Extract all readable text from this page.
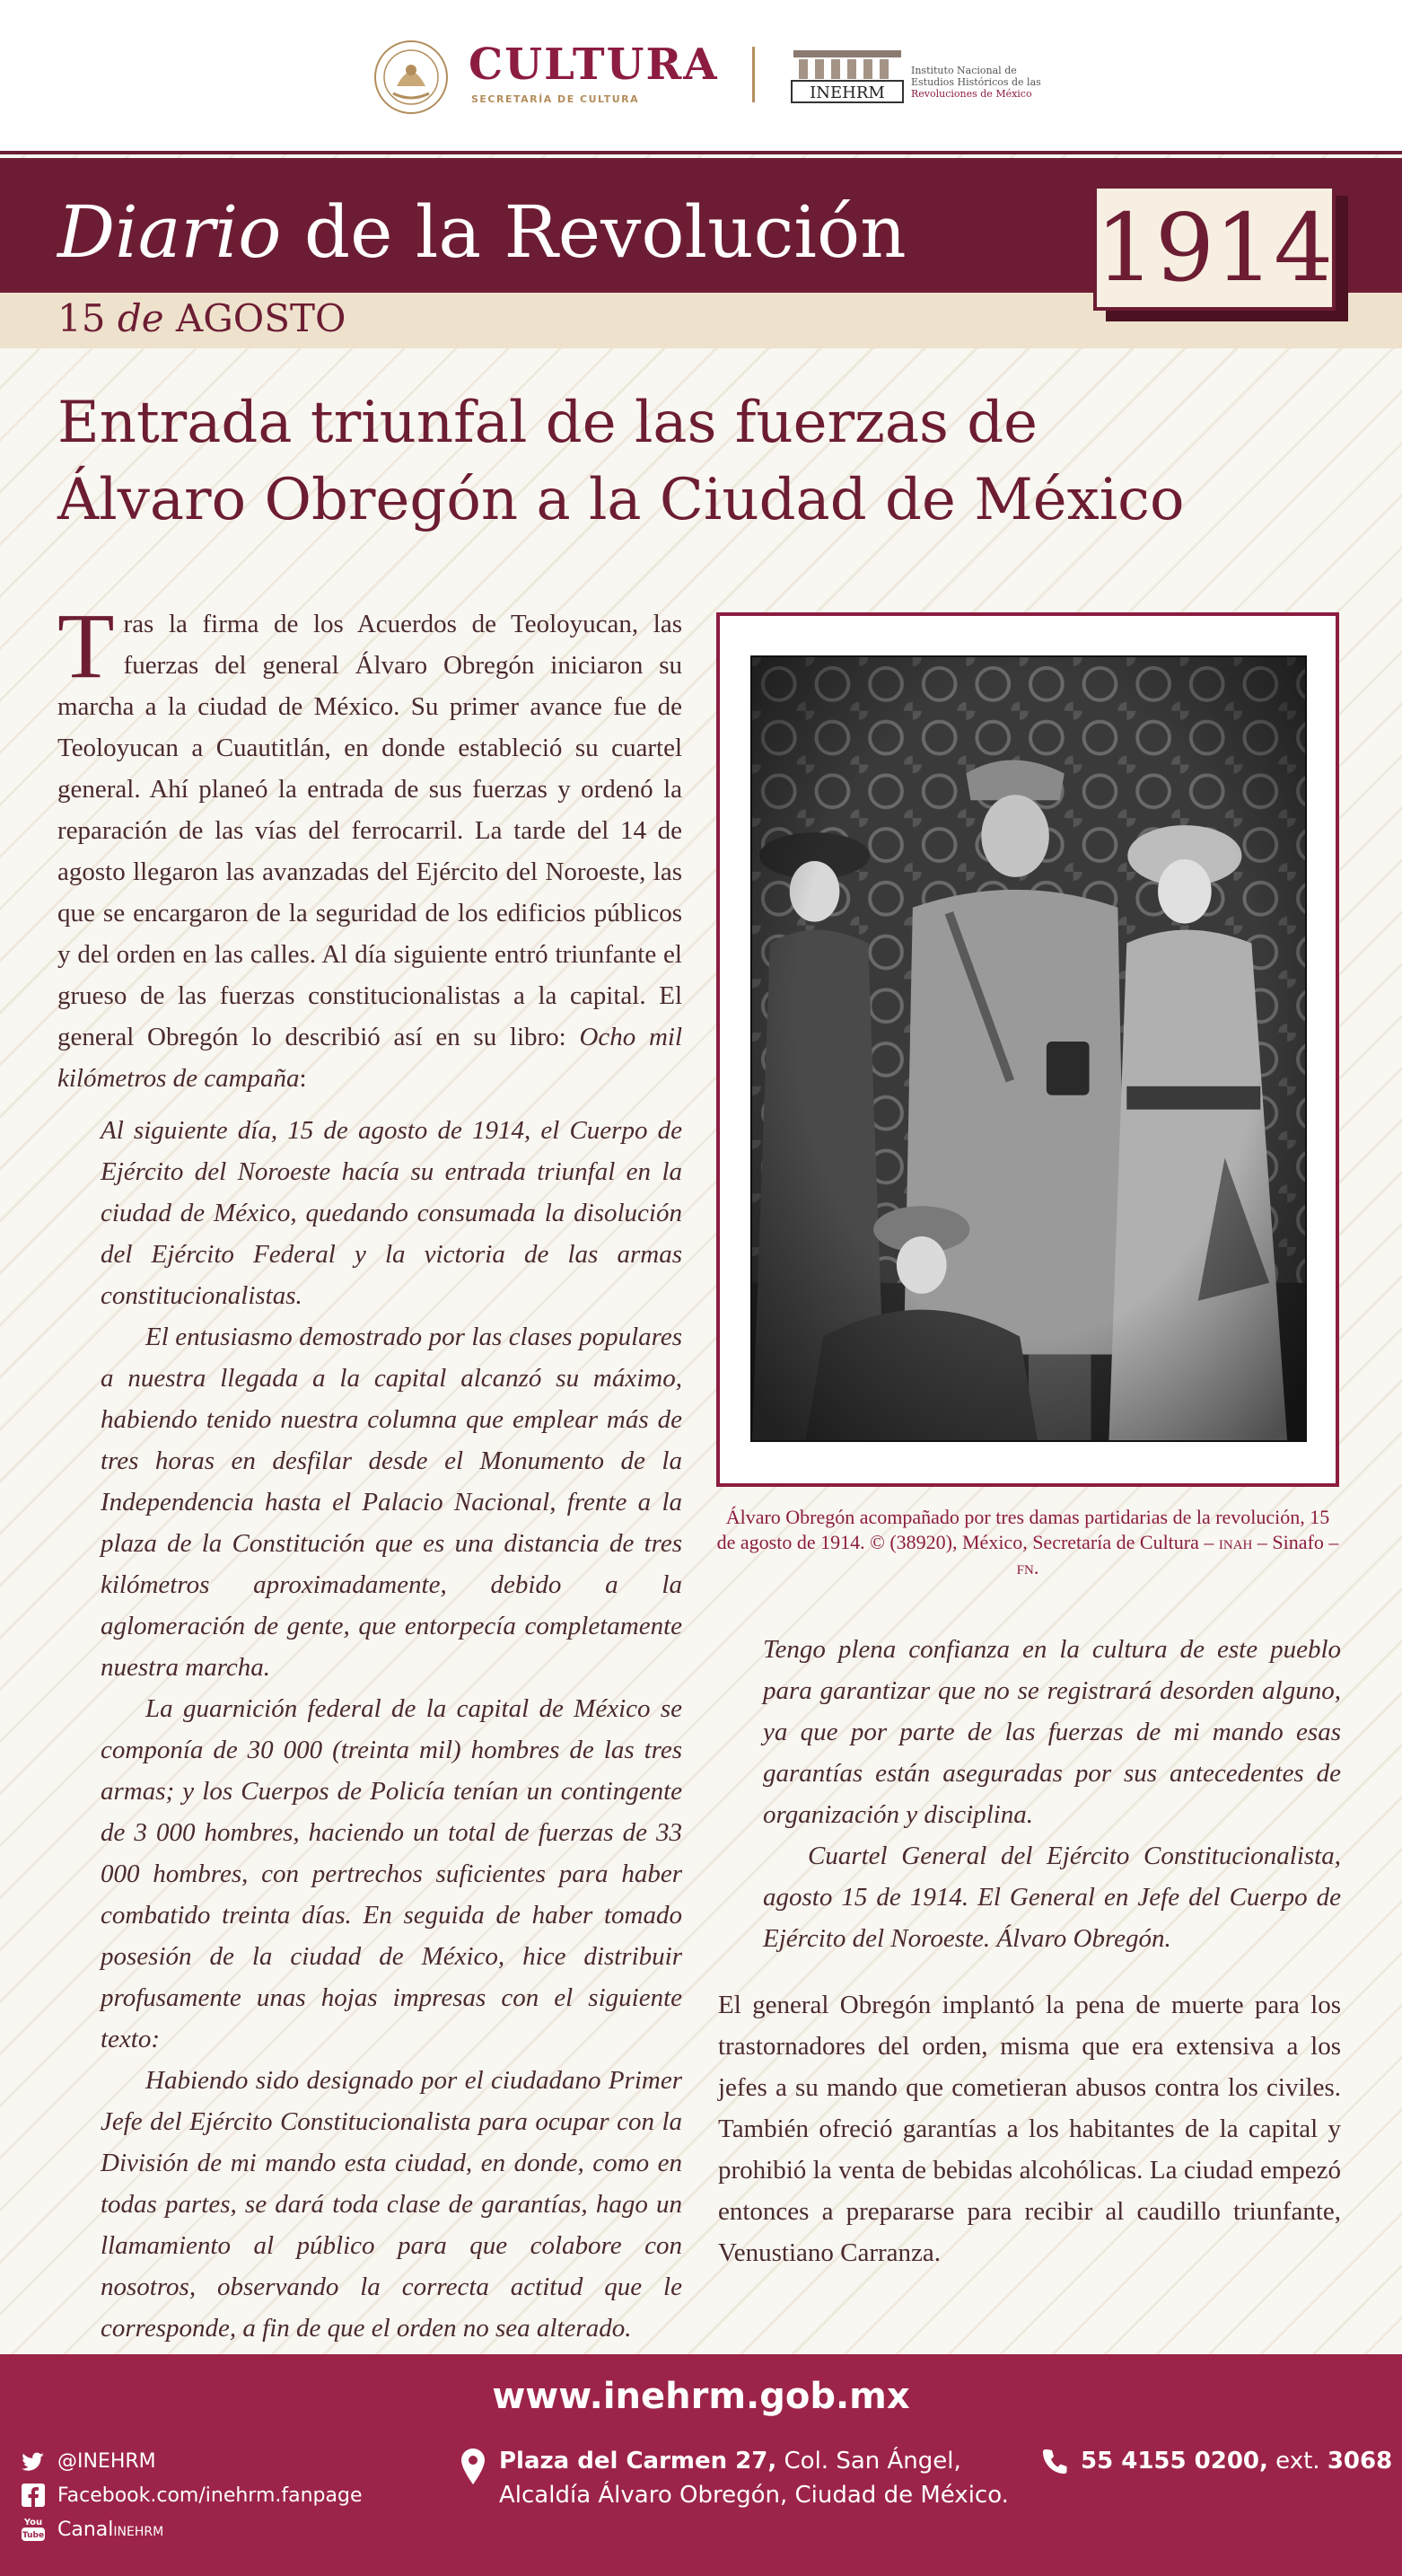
CULTURA
SECRETARÍA DE CULTURA	INEHRM
Instituto Nacional de
Estudios Históricos de las
Revoluciones de México
Diario de la Revolución
15 de AGOSTO
1914
Entrada triunfal de las fuerzas de
Álvaro Obregón a la Ciudad de México

Tras la firma de los Acuerdos de Teoloyucan, las fuerzas del general Álvaro Obregón iniciaron su marcha a la ciudad de México. Su primer avance fue de Teoloyucan a Cuautitlán, en donde estableció su cuartel general. Ahí planeó la entrada de sus fuerzas y ordenó la reparación de las vías del ferrocarril. La tarde del 14 de agosto llegaron las avanzadas del Ejército del Noroeste, las que se encargaron de la seguridad de los edificios públicos y del orden en las calles. Al día siguiente entró triunfante el grueso de las fuerzas constitucionalistas a la capital. El general Obregón lo describió así en su libro: Ocho mil kilómetros de campaña:

Al siguiente día, 15 de agosto de 1914, el Cuerpo de Ejército del Noroeste hacía su entrada triunfal en la ciudad de México, quedando consumada la disolución del Ejército Federal y la victoria de las armas constitucionalistas.

El entusiasmo demostrado por las clases populares a nuestra llegada a la capital alcanzó su máximo, habiendo tenido nuestra columna que emplear más de tres horas en desfilar desde el Monumento de la Independencia hasta el Palacio Nacional, frente a la plaza de la Constitución que es una distancia de tres kilómetros aproximadamente, debido a la aglomeración de gente, que entorpecía completamente nuestra marcha.

La guarnición federal de la capital de México se componía de 30 000 (treinta mil) hombres de las tres armas; y los Cuerpos de Policía tenían un contingente de 3 000 hombres, haciendo un total de fuerzas de 33 000 hombres, con pertrechos suficientes para haber combatido treinta días. En seguida de haber tomado posesión de la ciudad de México, hice distribuir profusamente unas hojas impresas con el siguiente texto:

Habiendo sido designado por el ciudadano Primer Jefe del Ejército Constitucionalista para ocupar con la División de mi mando esta ciudad, en donde, como en todas partes, se dará toda clase de garantías, hago un llamamiento al público para que colabore con nosotros, observando la correcta actitud que le corresponde, a fin de que el orden no sea alterado.

Álvaro Obregón acompañado por tres damas partidarias de la revolución, 15 de agosto de 1914. © (38920), México, Secretaría de Cultura – inah – Sinafo – fn.

Tengo plena confianza en la cultura de este pueblo para garantizar que no se registrará desorden alguno, ya que por parte de las fuerzas de mi mando esas garantías están aseguradas por sus antecedentes de organización y disciplina.

Cuartel General del Ejército Constitucionalista, agosto 15 de 1914. El General en Jefe del Cuerpo de Ejército del Noroeste. Álvaro Obregón.

El general Obregón implantó la pena de muerte para los trastornadores del orden, misma que era extensiva a los jefes a su mando que cometieran abusos contra los civiles. También ofreció garantías a los habitantes de la capital y prohibió la venta de bebidas alcohólicas. La ciudad empezó entonces a prepararse para recibir al caudillo triunfante, Venustiano Carranza.

www.inehrm.gob.mx
@INEHRM
Facebook.com/inehrm.fanpage
You
Tube Canal inehrm
Plaza del Carmen 27, Col. San Ángel,
Alcaldía Álvaro Obregón, Ciudad de México.
55 4155 0200, ext. 3068
